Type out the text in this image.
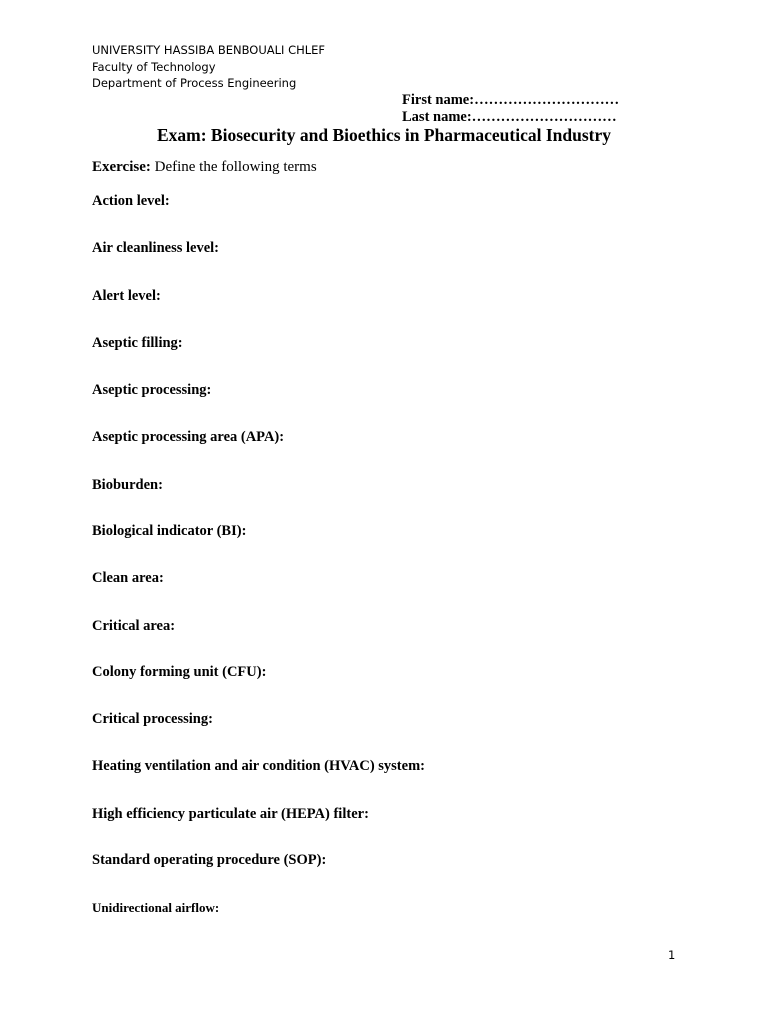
UNIVERSITY HASSIBA BENBOUALI CHLEF
Faculty of Technology
Department of Process Engineering
First name:…………………………
Last name:…………………………
Exam: Biosecurity and Bioethics in Pharmaceutical Industry
Exercise: Define the following terms
Action level:
Air cleanliness level:
Alert level:
Aseptic filling:
Aseptic processing:
Aseptic processing area (APA):
Bioburden:
Biological indicator (BI):
Clean area:
Critical area:
Colony forming unit (CFU):
Critical processing:
Heating ventilation and air condition (HVAC) system:
High efficiency particulate air (HEPA) filter:
Standard operating procedure (SOP):
Unidirectional airflow:
1
